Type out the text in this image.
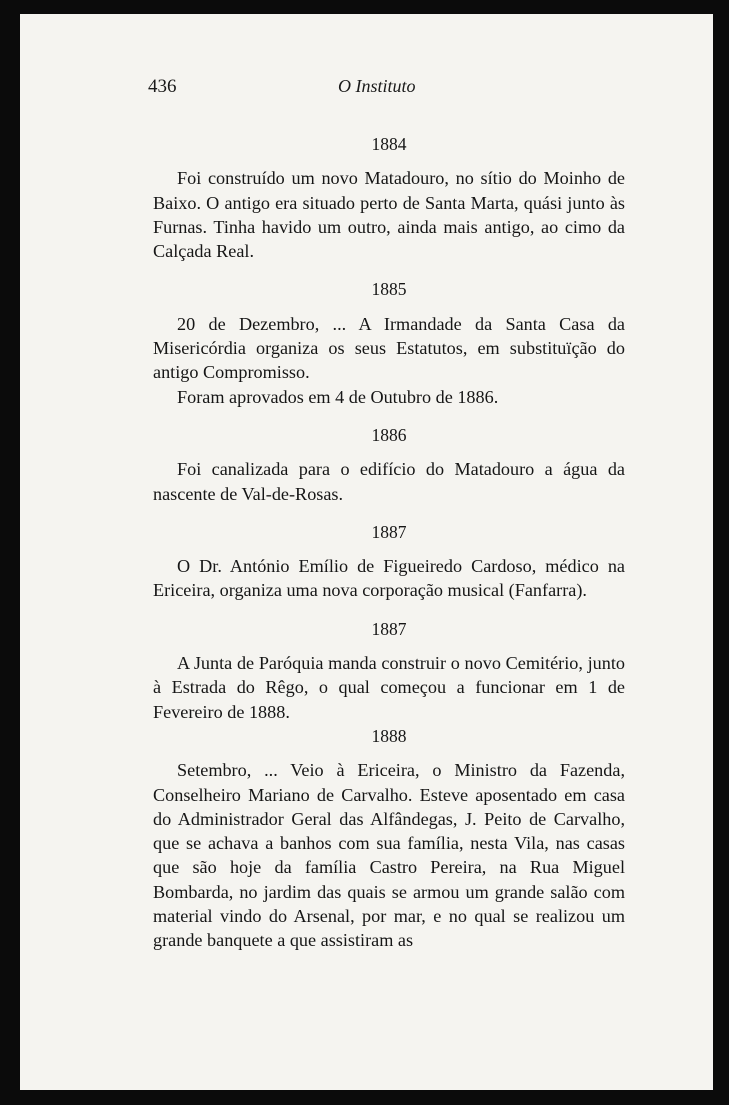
436	O Instituto

1884

Foi construído um novo Matadouro, no sítio do Moinho de Baixo. O antigo era situado perto de Santa Marta, quási junto às Furnas. Tinha havido um outro, ainda mais antigo, ao cimo da Calçada Real.

1885

20 de Dezembro, ... A Irmandade da Santa Casa da Misericórdia organiza os seus Estatutos, em substituïção do antigo Compromisso.

Foram aprovados em 4 de Outubro de 1886.

1886

Foi canalizada para o edifício do Matadouro a água da nascente de Val-de-Rosas.

1887

O Dr. António Emílio de Figueiredo Cardoso, médico na Ericeira, organiza uma nova corporação musical (Fanfarra).

1887

A Junta de Paróquia manda construir o novo Cemitério, junto à Estrada do Rêgo, o qual começou a funcionar em 1 de Fevereiro de 1888.

1888

Setembro, ... Veio à Ericeira, o Ministro da Fazenda, Conselheiro Mariano de Carvalho. Esteve aposentado em casa do Administrador Geral das Alfândegas, J. Peito de Carvalho, que se achava a banhos com sua família, nesta Vila, nas casas que são hoje da família Castro Pereira, na Rua Miguel Bombarda, no jardim das quais se armou um grande salão com material vindo do Arsenal, por mar, e no qual se realizou um grande banquete a que assistiram as
